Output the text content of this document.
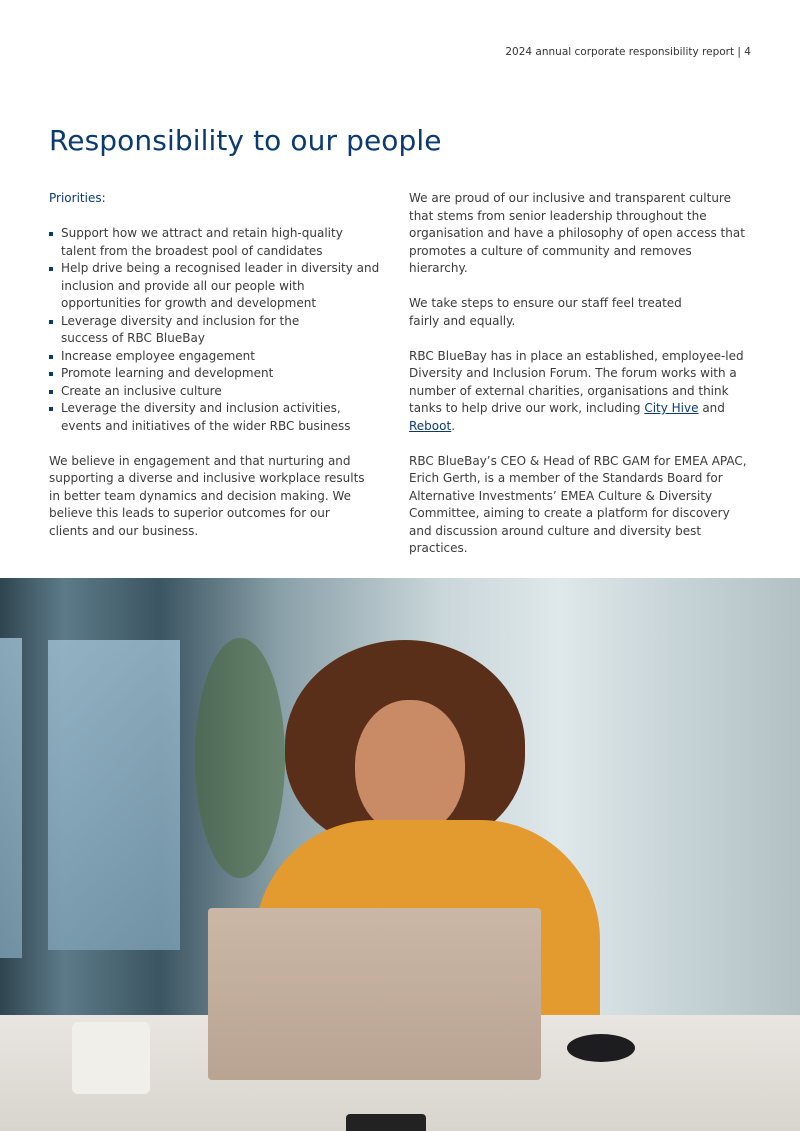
2024 annual corporate responsibility report | 4
Responsibility to our people
Priorities:
Support how we attract and retain high-quality talent from the broadest pool of candidates
Help drive being a recognised leader in diversity and inclusion and provide all our people with opportunities for growth and development
Leverage diversity and inclusion for the success of RBC BlueBay
Increase employee engagement
Promote learning and development
Create an inclusive culture
Leverage the diversity and inclusion activities, events and initiatives of the wider RBC business

We believe in engagement and that nurturing and supporting a diverse and inclusive workplace results in better team dynamics and decision making. We believe this leads to superior outcomes for our clients and our business.

We are proud of our inclusive and transparent culture that stems from senior leadership throughout the organisation and have a philosophy of open access that promotes a culture of community and removes hierarchy.

We take steps to ensure our staff feel treated fairly and equally.

RBC BlueBay has in place an established, employee-led Diversity and Inclusion Forum. The forum works with a number of external charities, organisations and think tanks to help drive our work, including City Hive and Reboot.

RBC BlueBay’s CEO & Head of RBC GAM for EMEA APAC, Erich Gerth, is a member of the Standards Board for Alternative Investments’ EMEA Culture & Diversity Committee, aiming to create a platform for discovery and discussion around culture and diversity best practices.
